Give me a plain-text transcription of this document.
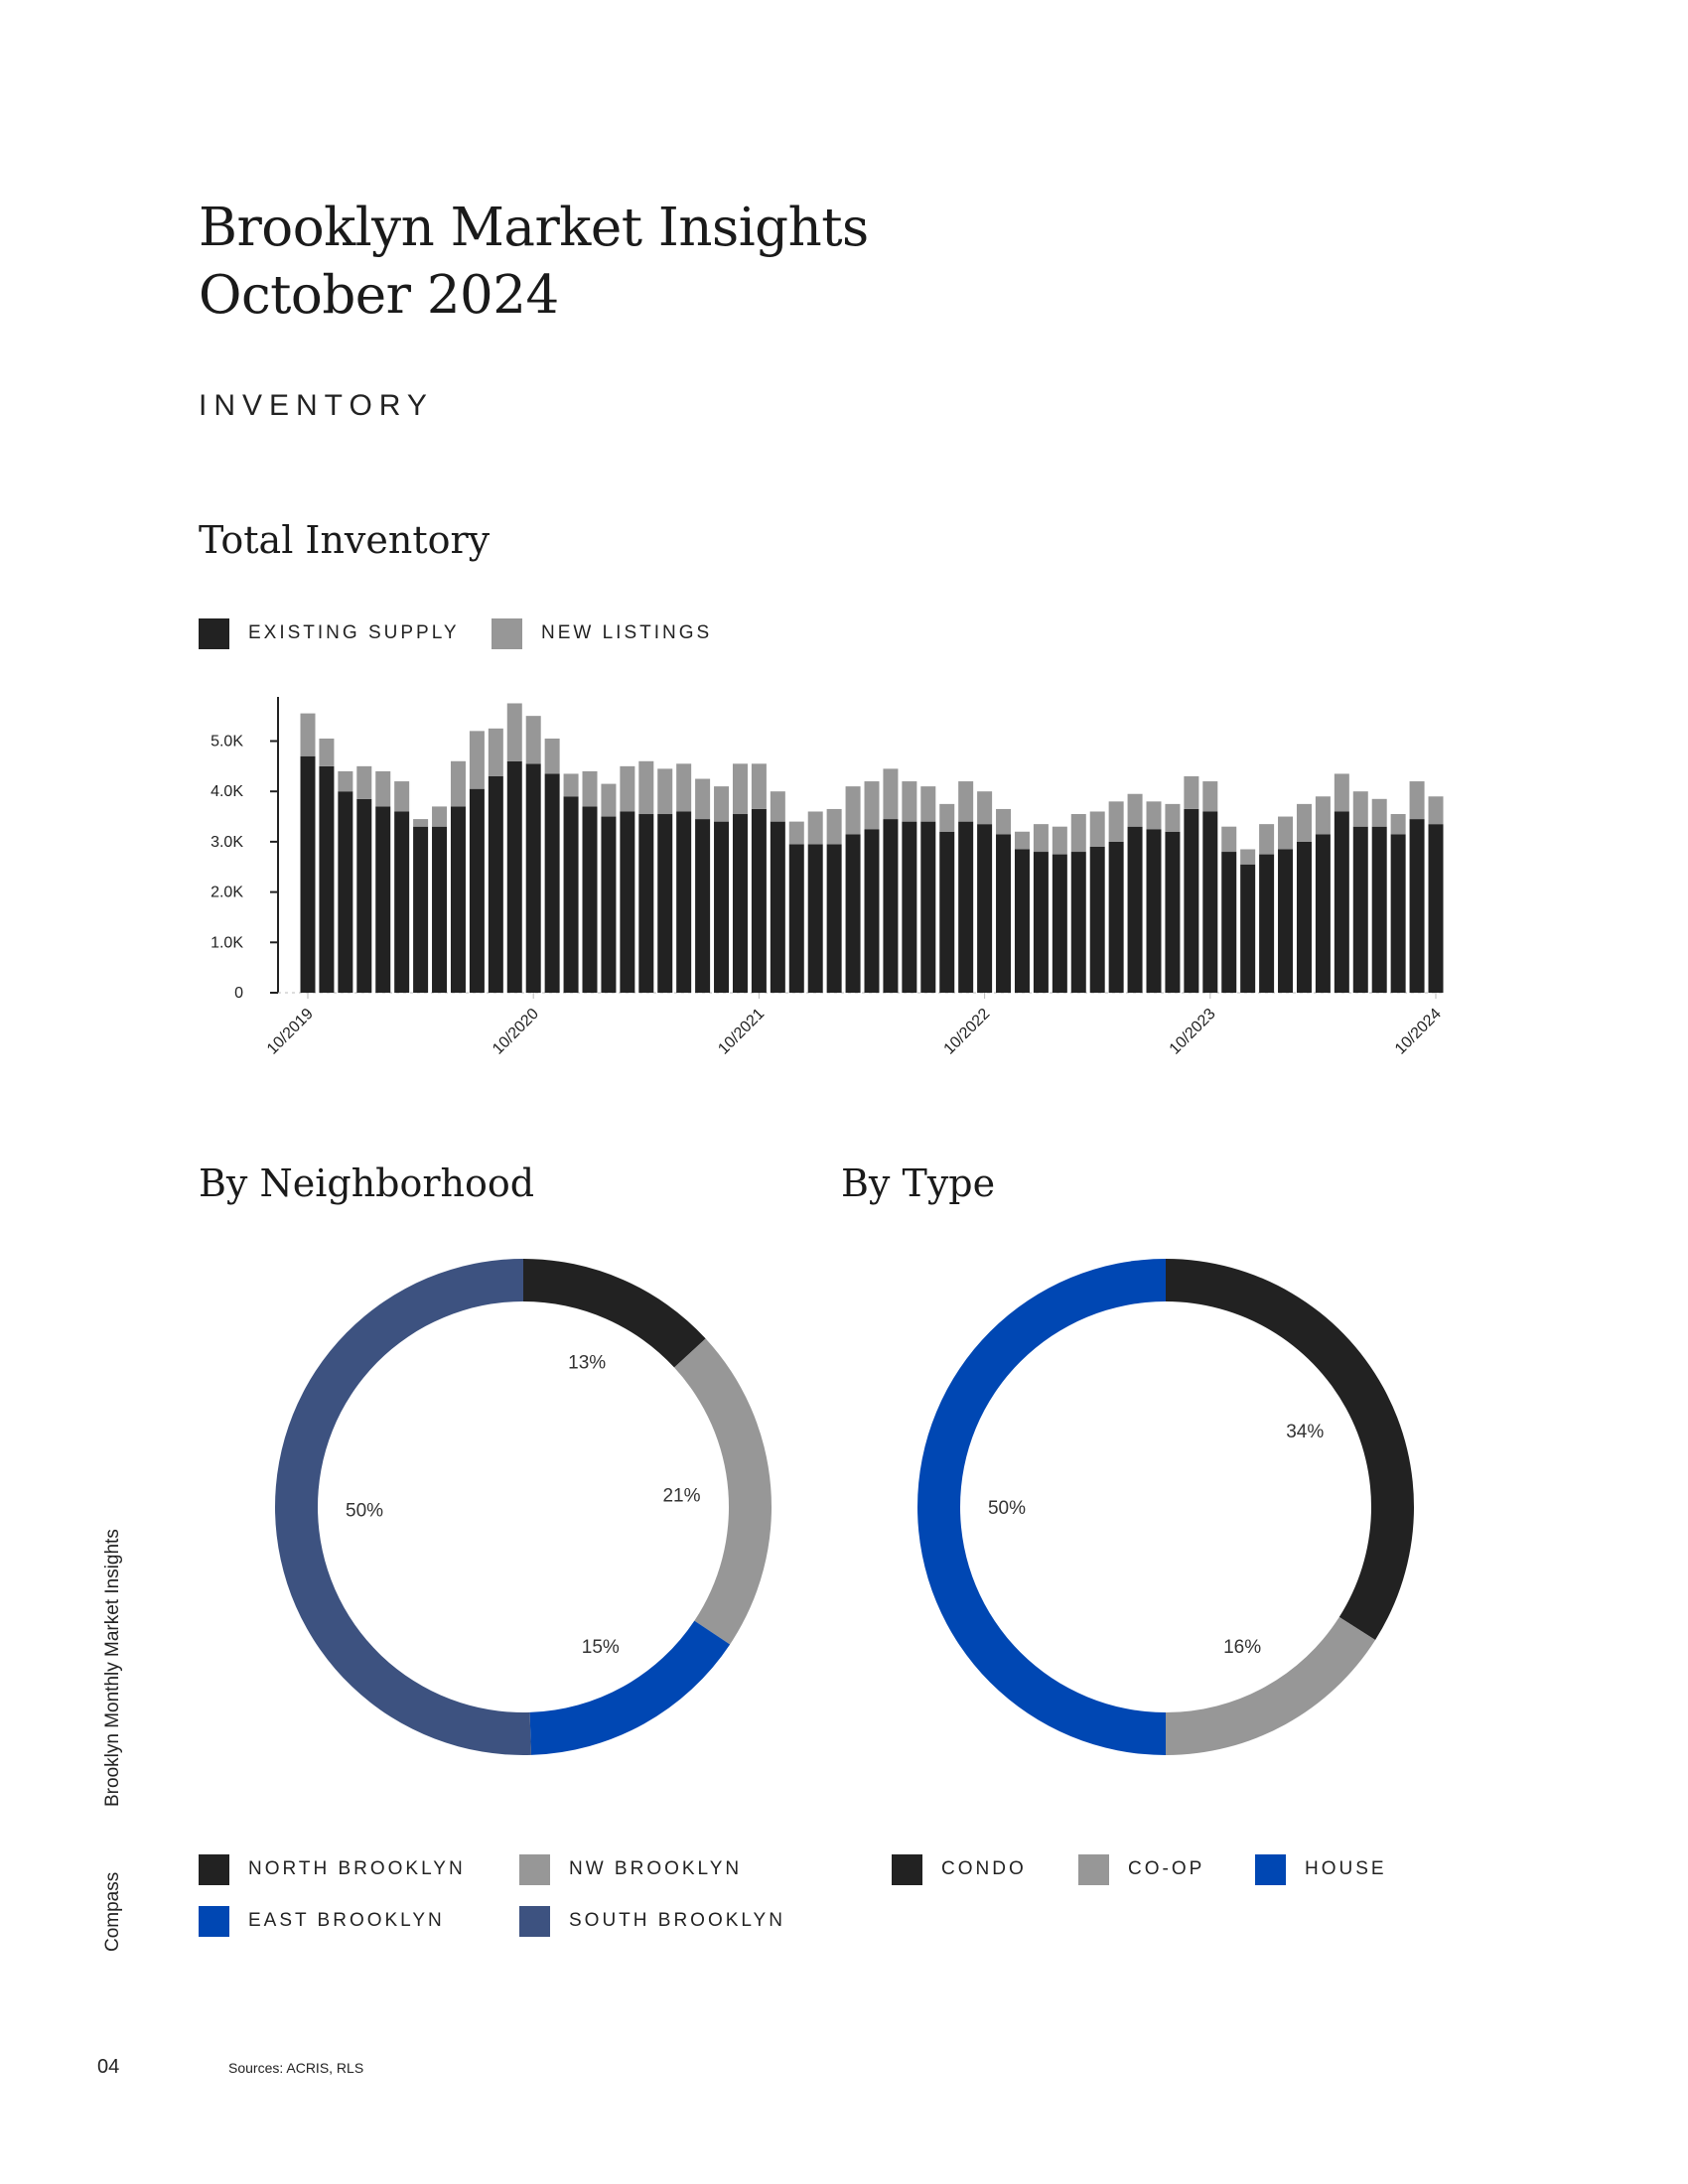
Brooklyn Market Insights
October 2024
INVENTORY
Total Inventory
EXISTING SUPPLY	NEW LISTINGS
0
1.0K
2.0K
3.0K
4.0K
5.0K
10/2019	10/2020	10/2021	10/2022	10/2023	10/2024
By Neighborhood	By Type
13%
21%
15%
50%
34%
16%
50%
NORTH BROOKLYN	NW BROOKLYN
EAST BROOKLYN	SOUTH BROOKLYN
CONDO	CO-OP	HOUSE
Brooklyn Monthly Market Insights
Compass
04	Sources: ACRIS, RLS
